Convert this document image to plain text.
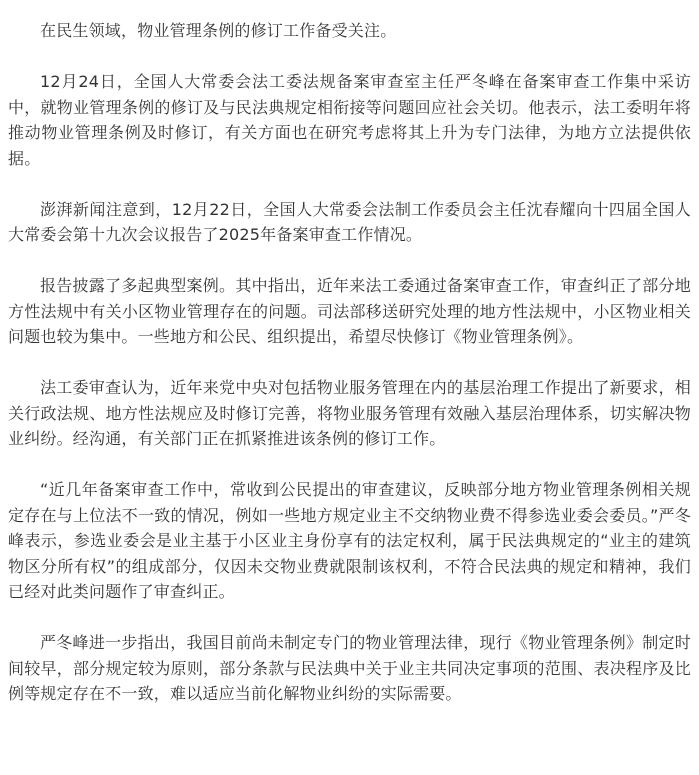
在民生领域，物业管理条例的修订工作备受关注。

12月24日，全国人大常委会法工委法规备案审查室主任严冬峰在备案审查工作集中采访中，就物业管理条例的修订及与民法典规定相衔接等问题回应社会关切。他表示，法工委明年将推动物业管理条例及时修订，有关方面也在研究考虑将其上升为专门法律，为地方立法提供依据。

澎湃新闻注意到，12月22日，全国人大常委会法制工作委员会主任沈春耀向十四届全国人大常委会第十九次会议报告了2025年备案审查工作情况。

报告披露了多起典型案例。其中指出，近年来法工委通过备案审查工作，审查纠正了部分地方性法规中有关小区物业管理存在的问题。司法部移送研究处理的地方性法规中，小区物业相关问题也较为集中。一些地方和公民、组织提出，希望尽快修订《物业管理条例》。

法工委审查认为，近年来党中央对包括物业服务管理在内的基层治理工作提出了新要求，相关行政法规、地方性法规应及时修订完善，将物业服务管理有效融入基层治理体系，切实解决物业纠纷。经沟通，有关部门正在抓紧推进该条例的修订工作。

“近几年备案审查工作中，常收到公民提出的审查建议，反映部分地方物业管理条例相关规定存在与上位法不一致的情况，例如一些地方规定业主不交纳物业费不得参选业委会委员。”严冬峰表示，参选业委会是业主基于小区业主身份享有的法定权利，属于民法典规定的“业主的建筑物区分所有权”的组成部分，仅因未交物业费就限制该权利，不符合民法典的规定和精神，我们已经对此类问题作了审查纠正。

严冬峰进一步指出，我国目前尚未制定专门的物业管理法律，现行《物业管理条例》制定时间较早，部分规定较为原则，部分条款与民法典中关于业主共同决定事项的范围、表决程序及比例等规定存在不一致，难以适应当前化解物业纠纷的实际需要。
